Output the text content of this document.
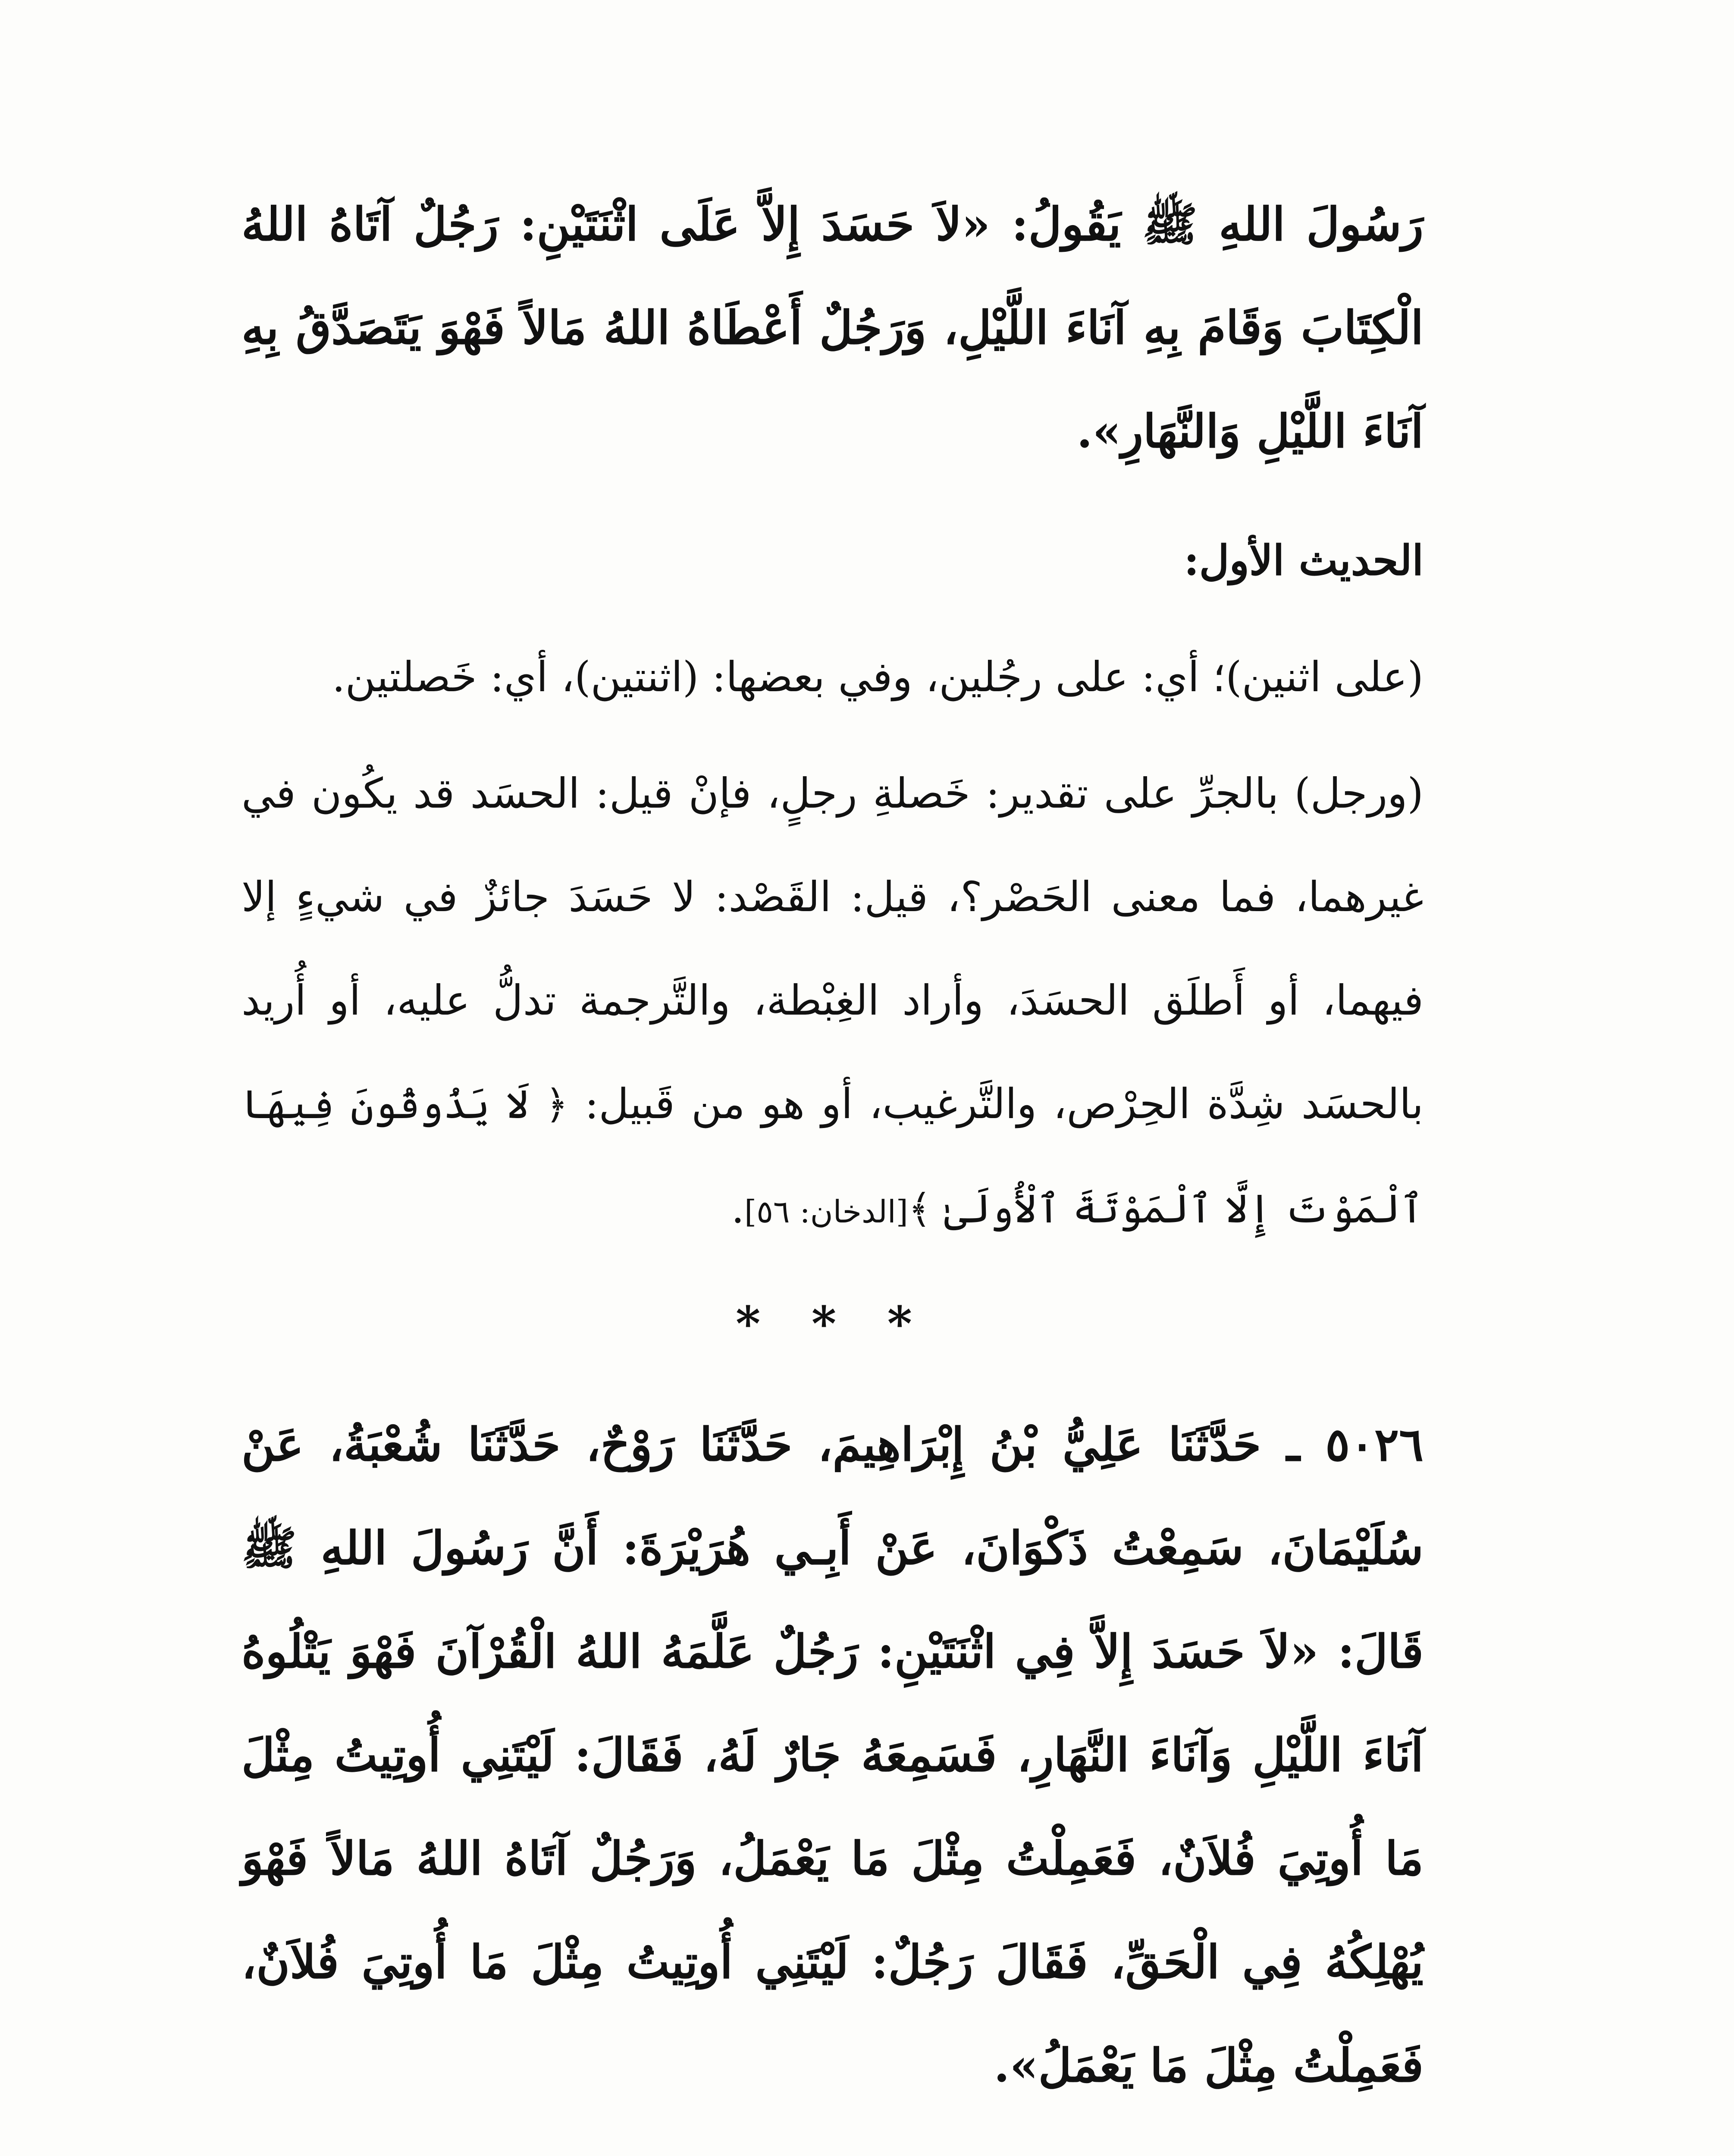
رَسُولَ اللهِ ﷺ يَقُولُ: «لاَ حَسَدَ إِلاَّ عَلَى اثْنَتَيْنِ: رَجُلٌ آتَاهُ اللهُ الْكِتَابَ وَقَامَ بِهِ آنَاءَ اللَّيْلِ، وَرَجُلٌ أَعْطَاهُ اللهُ مَالاً فَهْوَ يَتَصَدَّقُ بِهِ آنَاءَ اللَّيْلِ وَالنَّهَارِ».

الحديث الأول:

(على اثنين)؛ أي: على رجُلين، وفي بعضها: (اثنتين)، أي: خَصلتين.

(ورجل) بالجرِّ على تقدير: خَصلةِ رجلٍ، فإنْ قيل: الحسَد قد يكُون في غيرهما، فما معنى الحَصْر؟، قيل: القَصْد: لا حَسَدَ جائزٌ في شيءٍ إلا فيهما، أو أَطلَق الحسَدَ، وأراد الغِبْطة، والتَّرجمة تدلُّ عليه، أو أُريد بالحسَد شِدَّة الحِرْص، والتَّرغيب، أو هو من قَبيل: ﴿ لَا يَذُوقُونَ فِيهَا ٱلْمَوْتَ إِلَّا ٱلْمَوْتَةَ ٱلْأُولَىٰ ﴾[الدخان: ٥٦].

* * *

٥٠٢٦ ـ حَدَّثَنَا عَلِيُّ بْنُ إِبْرَاهِيمَ، حَدَّثَنَا رَوْحٌ، حَدَّثَنَا شُعْبَةُ، عَنْ سُلَيْمَانَ، سَمِعْتُ ذَكْوَانَ، عَنْ أَبِـي هُرَيْرَةَ: أَنَّ رَسُولَ اللهِ ﷺ قَالَ: «لاَ حَسَدَ إِلاَّ فِي اثْنَتَيْنِ: رَجُلٌ عَلَّمَهُ اللهُ الْقُرْآنَ فَهْوَ يَتْلُوهُ آنَاءَ اللَّيْلِ وَآنَاءَ النَّهَارِ، فَسَمِعَهُ جَارٌ لَهُ، فَقَالَ: لَيْتَنِي أُوتِيتُ مِثْلَ مَا أُوتِيَ فُلاَنٌ، فَعَمِلْتُ مِثْلَ مَا يَعْمَلُ، وَرَجُلٌ آتَاهُ اللهُ مَالاً فَهْوَ يُهْلِكُهُ فِي الْحَقِّ، فَقَالَ رَجُلٌ: لَيْتَنِي أُوتِيتُ مِثْلَ مَا أُوتِيَ فُلاَنٌ، فَعَمِلْتُ مِثْلَ مَا يَعْمَلُ».
